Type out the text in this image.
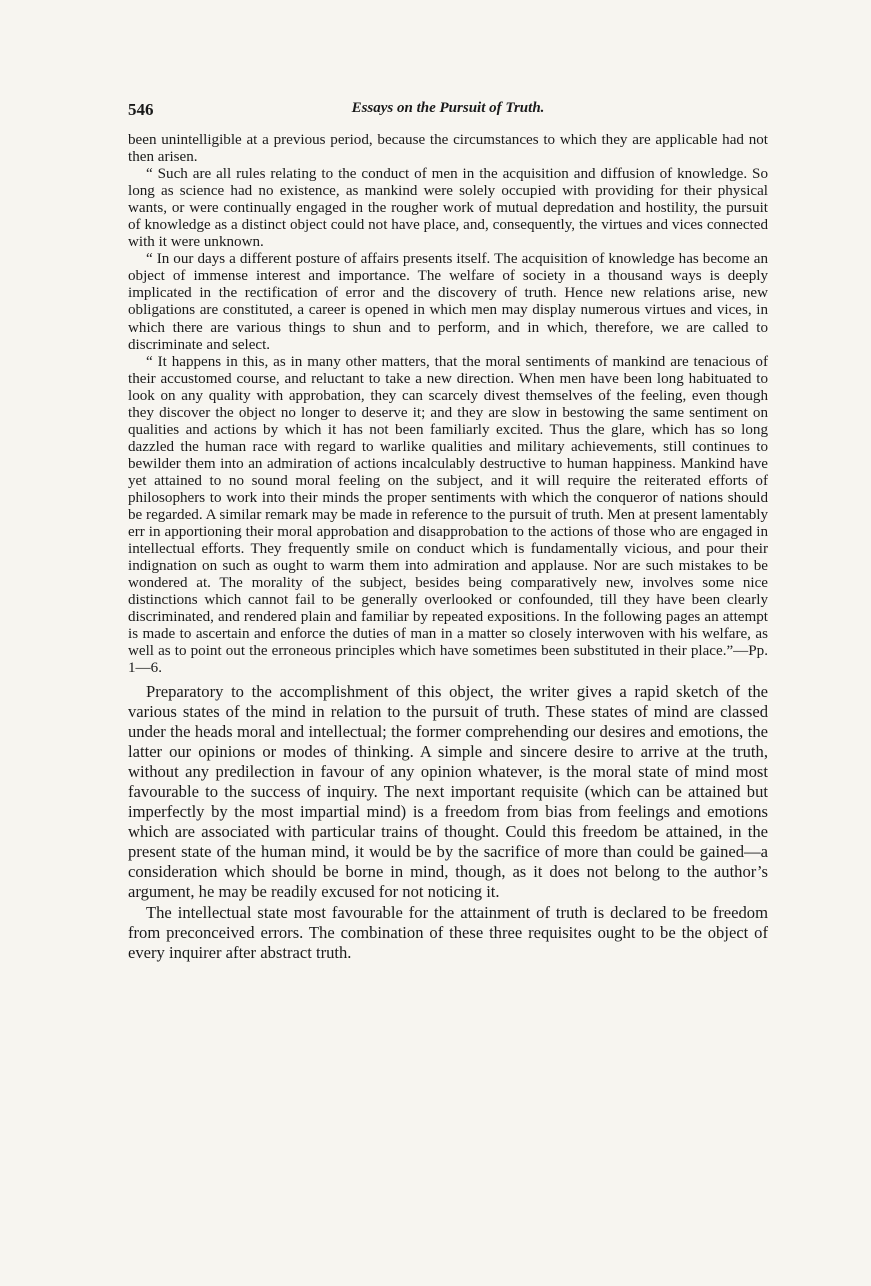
546	Essays on the Pursuit of Truth.

been unintelligible at a previous period, because the circumstances to which they are applicable had not then arisen.

“ Such are all rules relating to the conduct of men in the acquisition and diffusion of knowledge. So long as science had no existence, as mankind were solely occupied with providing for their physical wants, or were continually engaged in the rougher work of mutual depredation and hostility, the pursuit of knowledge as a distinct object could not have place, and, consequently, the virtues and vices connected with it were unknown.

“ In our days a different posture of affairs presents itself. The acquisition of knowledge has become an object of immense interest and importance. The welfare of society in a thousand ways is deeply implicated in the rectification of error and the discovery of truth. Hence new relations arise, new obligations are constituted, a career is opened in which men may display numerous virtues and vices, in which there are various things to shun and to perform, and in which, therefore, we are called to discriminate and select.

“ It happens in this, as in many other matters, that the moral sentiments of mankind are tenacious of their accustomed course, and reluctant to take a new direction. When men have been long habituated to look on any quality with approbation, they can scarcely divest themselves of the feeling, even though they discover the object no longer to deserve it; and they are slow in bestowing the same sentiment on qualities and actions by which it has not been familiarly excited. Thus the glare, which has so long dazzled the human race with regard to warlike qualities and military achievements, still continues to bewilder them into an admiration of actions incalculably destructive to human happiness. Mankind have yet attained to no sound moral feeling on the subject, and it will require the reiterated efforts of philosophers to work into their minds the proper sentiments with which the conqueror of nations should be regarded. A similar remark may be made in reference to the pursuit of truth. Men at present lamentably err in apportioning their moral approbation and disapprobation to the actions of those who are engaged in intellectual efforts. They frequently smile on conduct which is fundamentally vicious, and pour their indignation on such as ought to warm them into admiration and applause. Nor are such mistakes to be wondered at. The morality of the subject, besides being comparatively new, involves some nice distinctions which cannot fail to be generally overlooked or confounded, till they have been clearly discriminated, and rendered plain and familiar by repeated expositions. In the following pages an attempt is made to ascertain and enforce the duties of man in a matter so closely interwoven with his welfare, as well as to point out the erroneous principles which have sometimes been substituted in their place.”—Pp. 1—6.

Preparatory to the accomplishment of this object, the writer gives a rapid sketch of the various states of the mind in relation to the pursuit of truth. These states of mind are classed under the heads moral and intellectual; the former comprehending our desires and emotions, the latter our opinions or modes of thinking. A simple and sincere desire to arrive at the truth, without any predilection in favour of any opinion whatever, is the moral state of mind most favourable to the success of inquiry. The next important requisite (which can be attained but imperfectly by the most impartial mind) is a freedom from bias from feelings and emotions which are associated with particular trains of thought. Could this freedom be attained, in the present state of the human mind, it would be by the sacrifice of more than could be gained—a consideration which should be borne in mind, though, as it does not belong to the author’s argument, he may be readily excused for not noticing it.

The intellectual state most favourable for the attainment of truth is declared to be freedom from preconceived errors. The combination of these three requisites ought to be the object of every inquirer after abstract truth.
